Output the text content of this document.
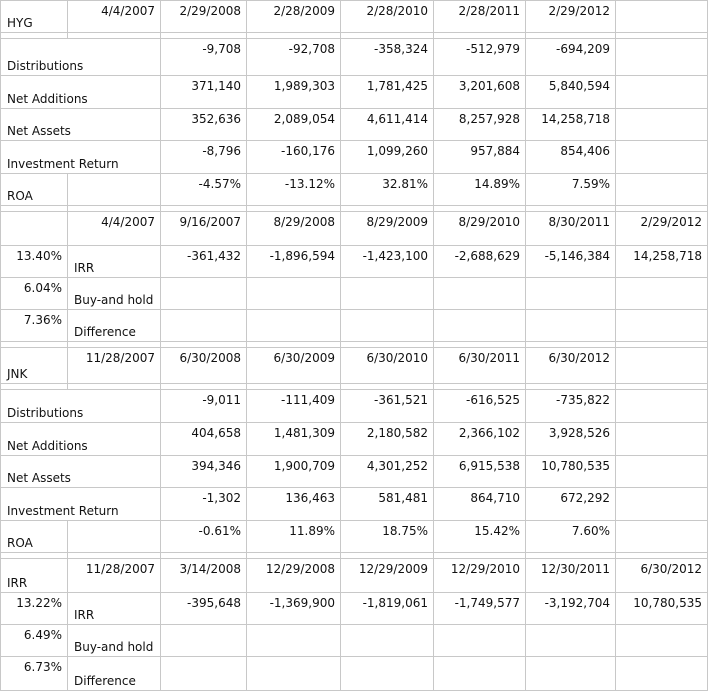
HYG	4/4/2007	2/29/2008	2/28/2009	2/28/2010	2/28/2011	2/29/2012	

Distributions		-9,708	-92,708	-358,324	-512,979	-694,209	
Net Additions		371,140	1,989,303	1,781,425	3,201,608	5,840,594	
Net Assets		352,636	2,089,054	4,611,414	8,257,928	14,258,718	
Investment Return		-8,796	-160,176	1,099,260	957,884	854,406	
ROA		-4.57%	-13.12%	32.81%	14.89%	7.59%	

	4/4/2007	9/16/2007	8/29/2008	8/29/2009	8/29/2010	8/30/2011	2/29/2012
13.40%	IRR	-361,432	-1,896,594	-1,423,100	-2,688,629	-5,146,384	14,258,718
6.04%	Buy-and hold						
7.36%	Difference						

JNK	11/28/2007	6/30/2008	6/30/2009	6/30/2010	6/30/2011	6/30/2012	

Distributions		-9,011	-111,409	-361,521	-616,525	-735,822	
Net Additions		404,658	1,481,309	2,180,582	2,366,102	3,928,526	
Net Assets		394,346	1,900,709	4,301,252	6,915,538	10,780,535	
Investment Return		-1,302	136,463	581,481	864,710	672,292	
ROA		-0.61%	11.89%	18.75%	15.42%	7.60%	

IRR	11/28/2007	3/14/2008	12/29/2008	12/29/2009	12/29/2010	12/30/2011	6/30/2012
13.22%	IRR	-395,648	-1,369,900	-1,819,061	-1,749,577	-3,192,704	10,780,535
6.49%	Buy-and hold						
6.73%	Difference						
